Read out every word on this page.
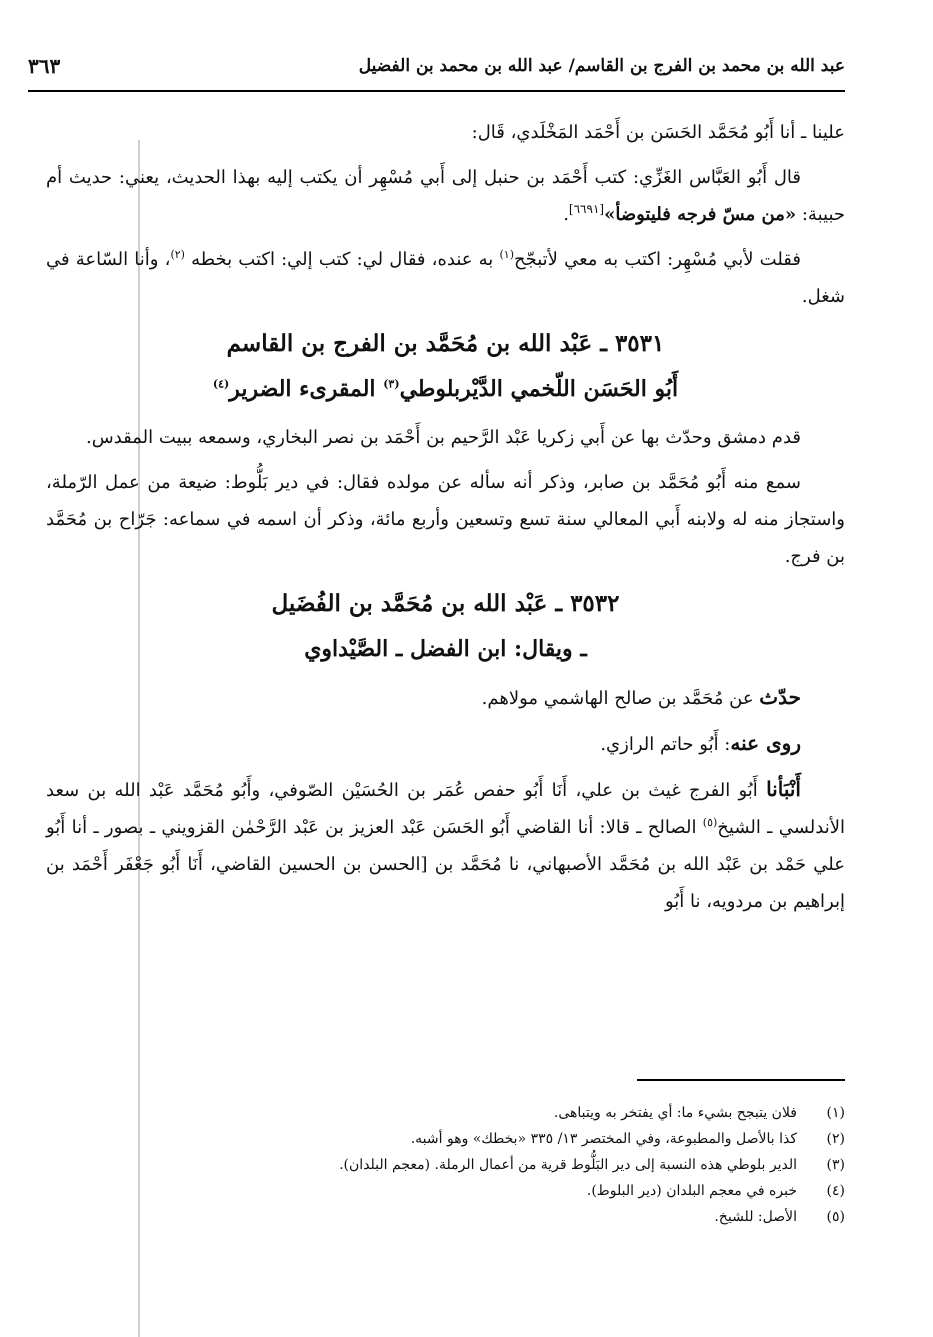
عبد الله بن محمد بن الفرج بن القاسم/ عبد الله بن محمد بن الفضيل
٣٦٣

علينا ـ أنا أَبُو مُحَمَّد الحَسَن بن أَحْمَد المَخْلَدي، قَال:

قال أَبُو العَبَّاس الغَزِّي: كتب أَحْمَد بن حنبل إلى أَبي مُسْهِر أن يكتب إليه بهذا الحديث، يعني: حديث أم حبيبة: «من مسّ فرجه فليتوضأ»[٦٦٩١].

فقلت لأبي مُسْهِر: اكتب به معي لأتبجّح$^{(١)}$ به عنده، فقال لي: كتب إلي: اكتب بخطه $^{(٢)}$، وأنا السّاعة في شغل.

٣٥٣١ ـ عَبْد الله بن مُحَمَّد بن الفرج بن القاسم
أَبُو الحَسَن اللّخمي الدَّيْربلوطي$^{(٣)}$ المقرىء الضرير$^{(٤)}$

قدم دمشق وحدّث بها عن أَبي زكريا عَبْد الرَّحيم بن أَحْمَد بن نصر البخاري، وسمعه ببيت المقدس.

سمع منه أَبُو مُحَمَّد بن صابر، وذكر أنه سأله عن مولده فقال: في دير بَلُّوط: ضيعة من عمل الرّملة، واستجاز منه له ولابنه أَبي المعالي سنة تسع وتسعين وأربع مائة، وذكر أن اسمه في سماعه: جَرّاح بن مُحَمَّد بن فرج.

٣٥٣٢ ـ عَبْد الله بن مُحَمَّد بن الفُضَيل
ـ ويقال: ابن الفضل ـ الصَّيْداوي

حدّث عن مُحَمَّد بن صالح الهاشمي مولاهم.

روى عنه: أَبُو حاتم الرازي.

أَنْبَأنا أَبُو الفرج غيث بن علي، أَنَا أَبُو حفص عُمَر بن الحُسَيْن الصّوفي، وأَبُو مُحَمَّد عَبْد الله بن سعد الأندلسي ـ الشيخ$^{(٥)}$ الصالح ـ قالا: أنا القاضي أَبُو الحَسَن عَبْد العزيز بن عَبْد الرَّحْمٰن القزويني ـ بصور ـ أنا أَبُو علي حَمْد بن عَبْد الله بن مُحَمَّد الأصبهاني، نا مُحَمَّد بن [الحسن بن الحسين القاضي، أَنَا أَبُو جَعْفَر أَحْمَد بن إبراهيم بن مردويه، نا أَبُو

(١)
فلان يتبجح بشيء ما: أي يفتخر به ويتباهى.
(٢)
كذا بالأصل والمطبوعة، وفي المختصر ١٣/ ٣٣٥ «بخطك» وهو أشبه.
(٣)
الدير بلوطي هذه النسبة إلى دير البَلُّوط قرية من أعمال الرملة. (معجم البلدان).
(٤)
خبره في معجم البلدان (دير البلوط).
(٥)
الأصل: للشيخ.
